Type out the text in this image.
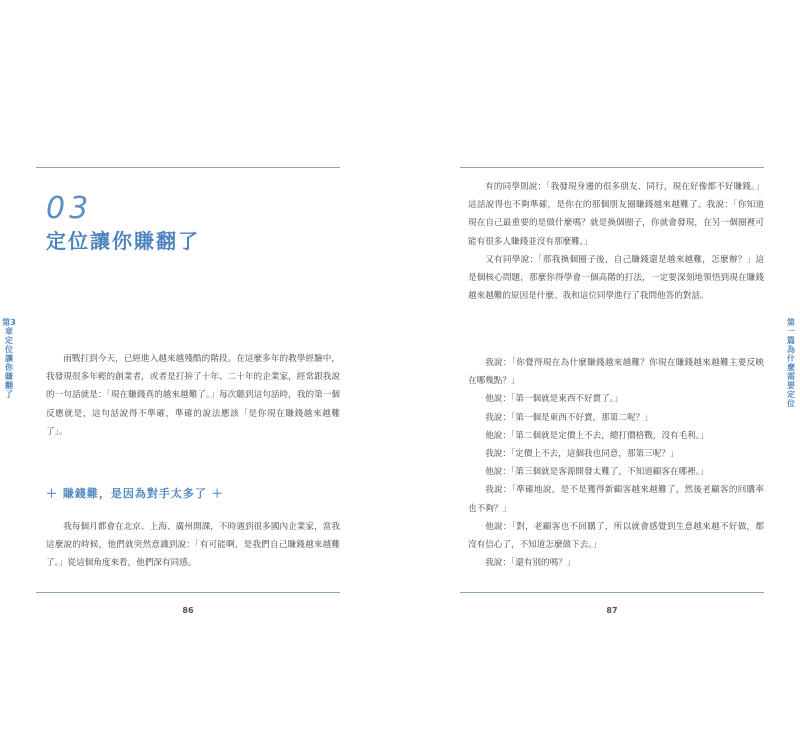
03
定位讓你賺翻了
第3章 定位讓你賺翻了

雨戰打到今天，已經進入越來越殘酷的階段。在這麼多年的教學經驗中，我發現很多年輕的創業者，或者是打拚了十年、二十年的企業家，經常跟我說的一句話就是：「現在賺錢真的越來越難了。」每次聽到這句話時，我的第一個反應就是，這句話說得不準確，準確的說法應該「是你現在賺錢越來越難了」。

＋ 賺錢難，是因為對手太多了 ＋

我每個月都會在北京、上海、廣州開課，不時遇到很多國內企業家，當我這麼說的時候，他們就突然意識到說：「有可能啊，是我們自己賺錢越來越難了。」從這個角度來看，他們深有同感。

86
第一篇 為什麼需要定位

有的同學則說：「我發現身邊的很多朋友、同行，現在好像都不好賺錢。」這話說得也不夠準確，是你在的那個朋友圈賺錢越來越難了。我說：「你知道現在自己最重要的是做什麼嗎？就是換個圈子，你就會發現，在另一個圈裡可能有很多人賺錢並沒有那麼難。」

又有同學說：「那我換個圈子後，自己賺錢還是越來越難，怎麼辦？」這是個核心問題，那麼你得學會一個高階的打法，一定要深刻地領悟到現在賺錢越來越難的原因是什麼。我和這位同學進行了我問他答的對話。

我說：「你覺得現在為什麼賺錢越來越難？你現在賺錢越來越難主要反映在哪幾點？」

他說：「第一個就是東西不好賣了。」

我說：「第一個是東西不好賣，那第二呢？」

他說：「第二個就是定價上不去，總打價格戰，沒有毛利。」

我說：「定價上不去，這個我也同意，那第三呢？」

他說：「第三個就是客源開發太難了，不知道顧客在哪裡。」

我說：「準確地說，是不是獲得新顧客越來越難了，然後老顧客的回購率也不夠？」

他說：「對，老顧客也不回購了，所以就會感覺到生意越來越不好做，都沒有信心了，不知道怎麼做下去。」

我說：「還有別的嗎？」

87
